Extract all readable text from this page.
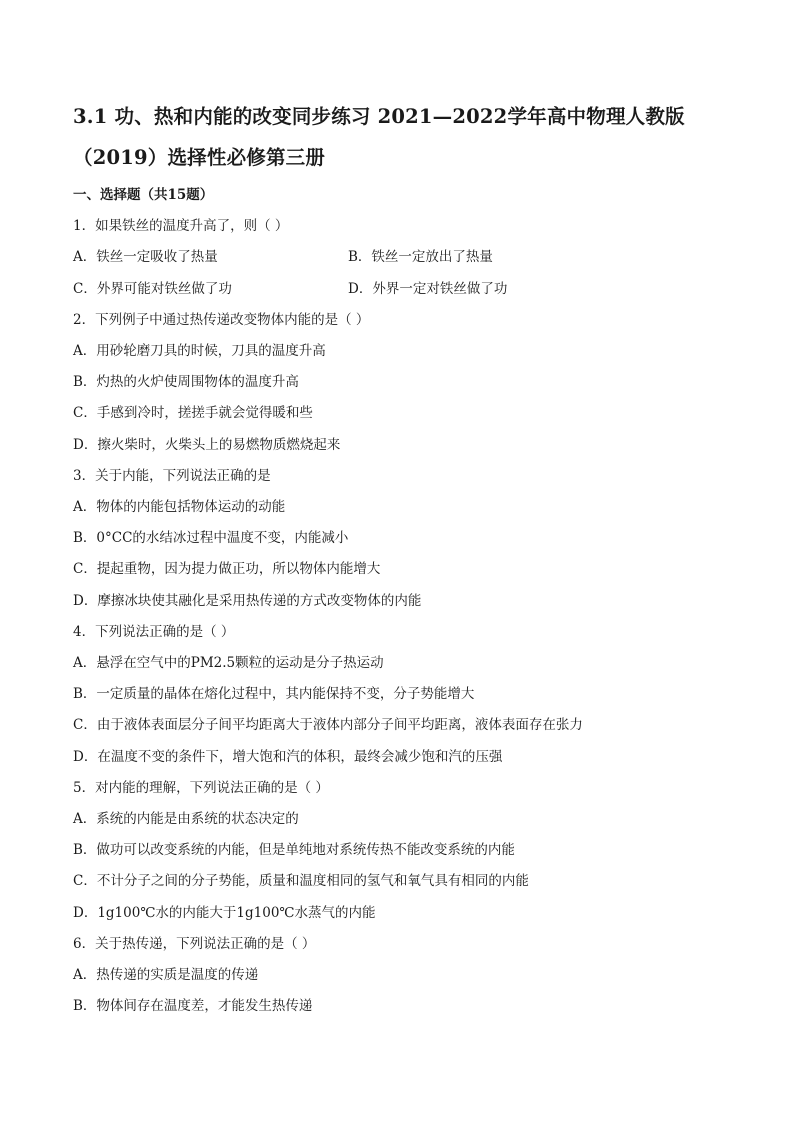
3.1 功、热和内能的改变同步练习 2021—2022学年高中物理人教版
（2019）选择性必修第三册
一、选择题（共15题）
1．如果铁丝的温度升高了，则（ ）
A．铁丝一定吸收了热量	B．铁丝一定放出了热量
C．外界可能对铁丝做了功	D．外界一定对铁丝做了功
2．下列例子中通过热传递改变物体内能的是（ ）
A．用砂轮磨刀具的时候，刀具的温度升高
B．灼热的火炉使周围物体的温度升高
C．手感到冷时，搓搓手就会觉得暖和些
D．擦火柴时，火柴头上的易燃物质燃烧起来
3．关于内能，下列说法正确的是
A．物体的内能包括物体运动的动能
B．0°CC的水结冰过程中温度不变，内能减小
C．提起重物，因为提力做正功，所以物体内能增大
D．摩擦冰块使其融化是采用热传递的方式改变物体的内能
4．下列说法正确的是（ ）
A．悬浮在空气中的PM2.5颗粒的运动是分子热运动
B．一定质量的晶体在熔化过程中，其内能保持不变，分子势能增大
C．由于液体表面层分子间平均距离大于液体内部分子间平均距离，液体表面存在张力
D．在温度不变的条件下，增大饱和汽的体积，最终会减少饱和汽的压强
5．对内能的理解，下列说法正确的是（ ）
A．系统的内能是由系统的状态决定的
B．做功可以改变系统的内能，但是单纯地对系统传热不能改变系统的内能
C．不计分子之间的分子势能，质量和温度相同的氢气和氧气具有相同的内能
D．1g100℃水的内能大于1g100℃水蒸气的内能
6．关于热传递，下列说法正确的是（ ）
A．热传递的实质是温度的传递
B．物体间存在温度差，才能发生热传递
